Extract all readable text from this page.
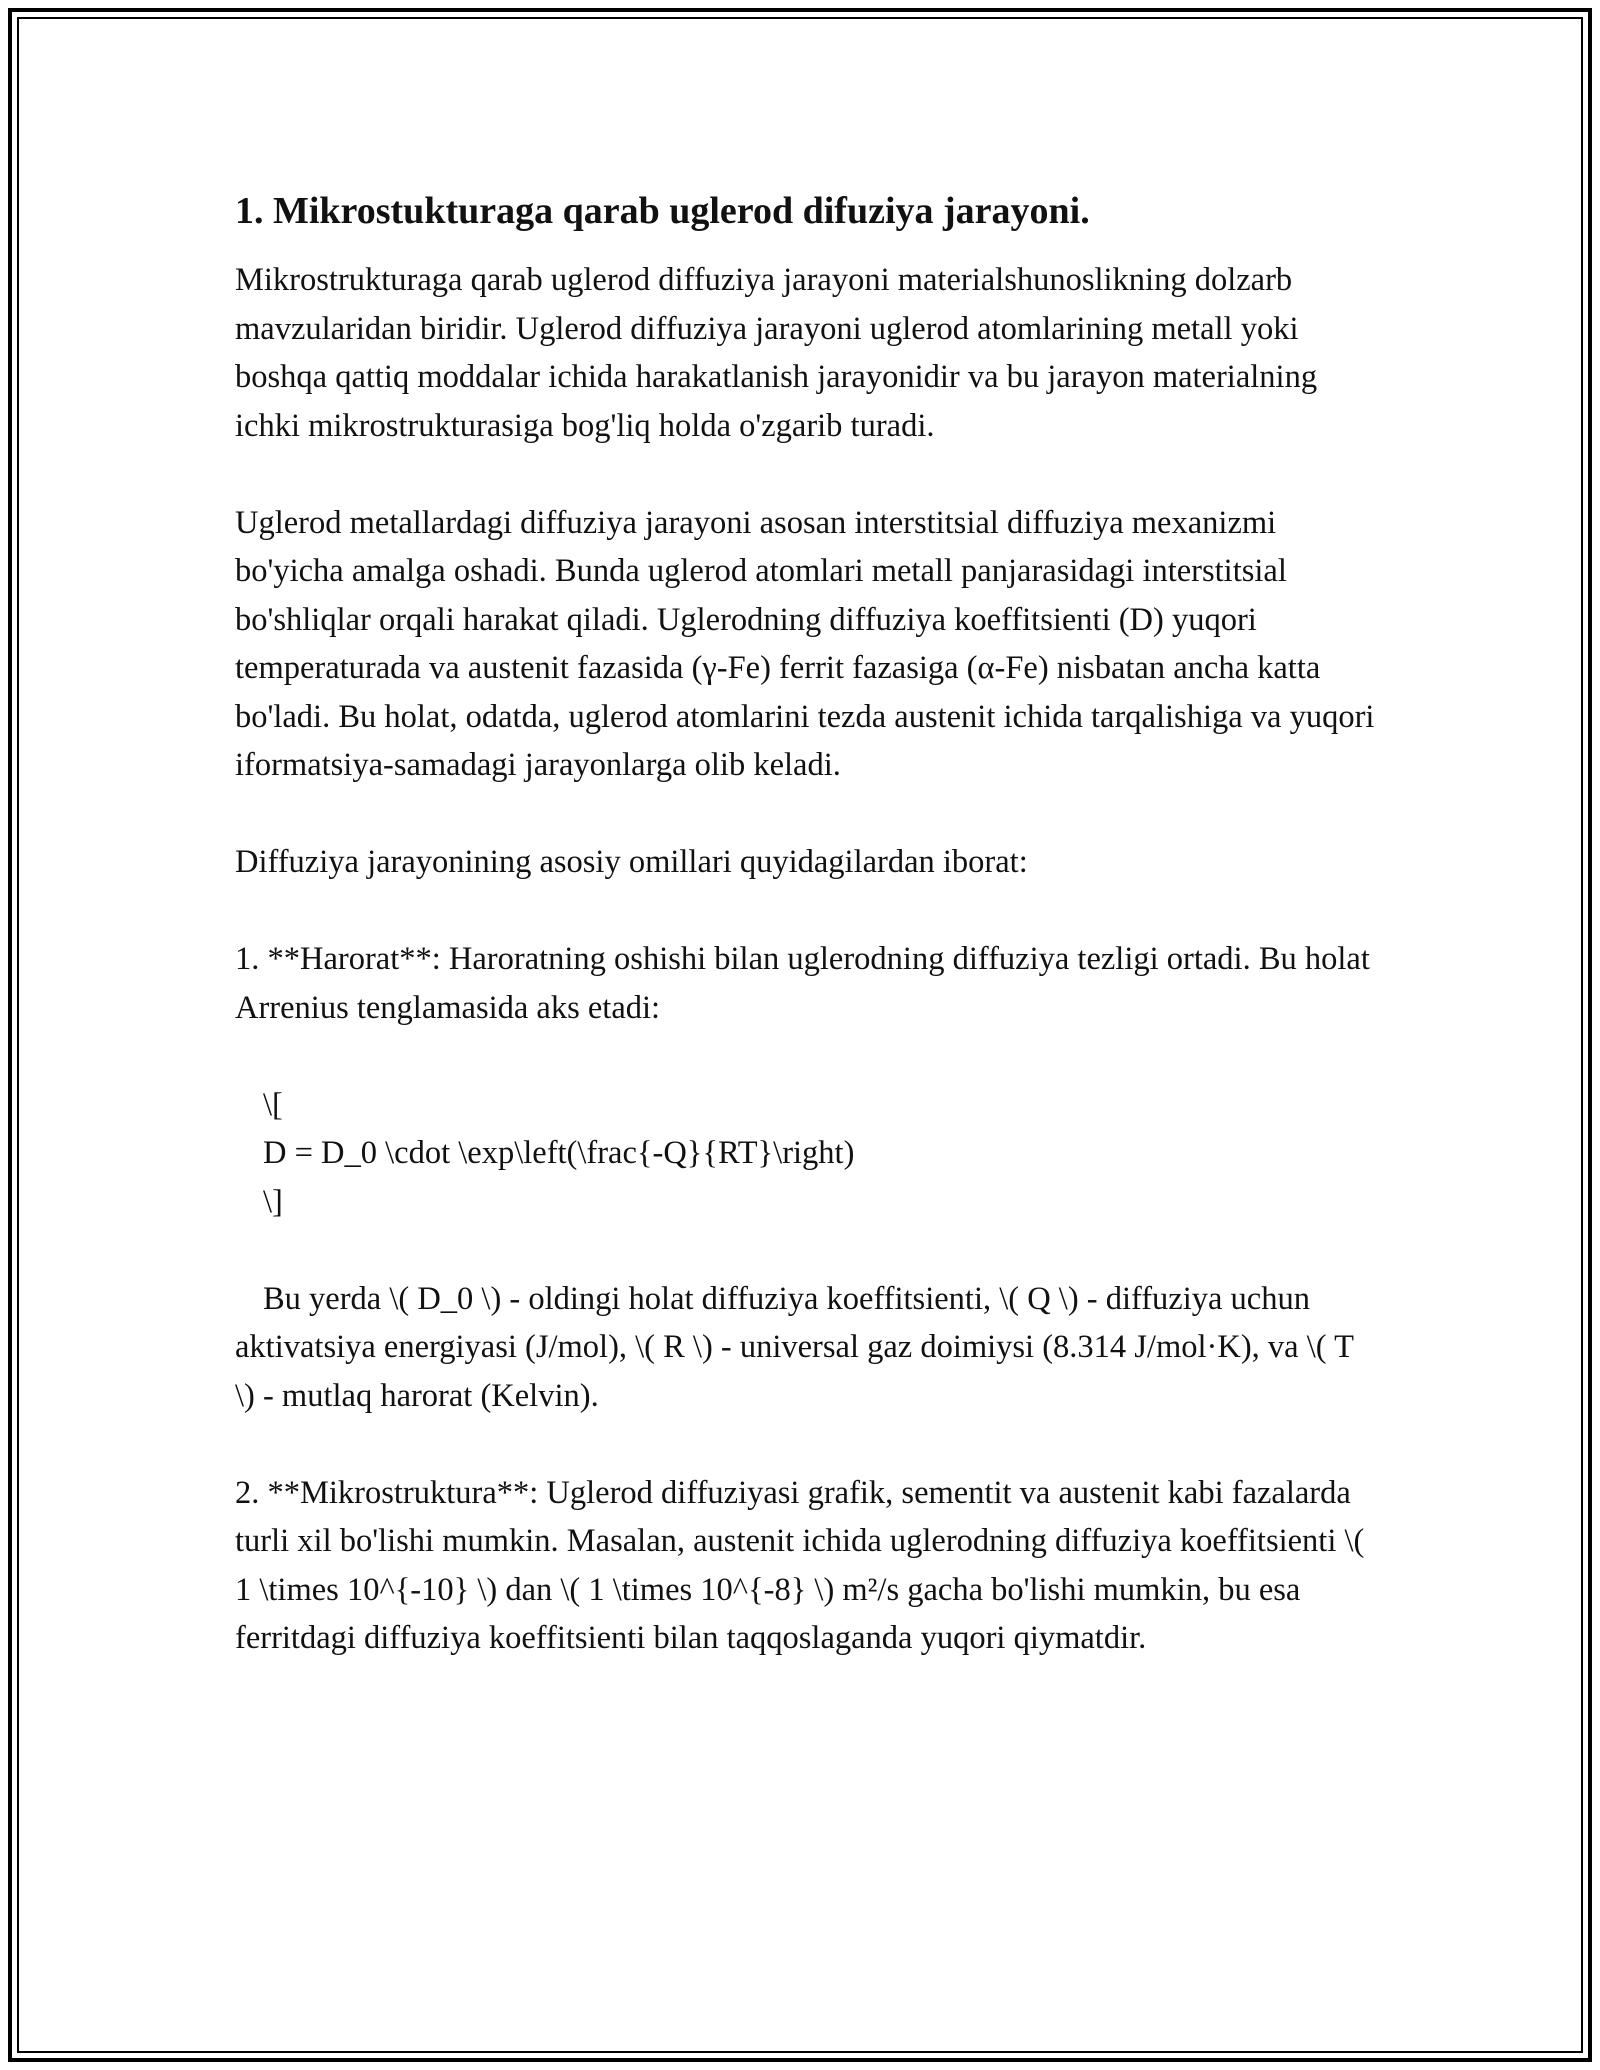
1. Mikrostukturaga qarab uglerod difuziya jarayoni.

Mikrostrukturaga qarab uglerod diffuziya jarayoni materialshunoslikning dolzarb mavzularidan biridir. Uglerod diffuziya jarayoni uglerod atomlarining metall yoki boshqa qattiq moddalar ichida harakatlanish jarayonidir va bu jarayon materialning ichki mikrostrukturasiga bog'liq holda o'zgarib turadi.

Uglerod metallardagi diffuziya jarayoni asosan interstitsial diffuziya mexanizmi bo'yicha amalga oshadi. Bunda uglerod atomlari metall panjarasidagi interstitsial bo'shliqlar orqali harakat qiladi. Uglerodning diffuziya koeffitsienti (D) yuqori temperaturada va austenit fazasida (γ-Fe) ferrit fazasiga (α-Fe) nisbatan ancha katta bo'ladi. Bu holat, odatda, uglerod atomlarini tezda austenit ichida tarqalishiga va yuqori iformatsiya-samadagi jarayonlarga olib keladi.

Diffuziya jarayonining asosiy omillari quyidagilardan iborat:

1. **Harorat**: Haroratning oshishi bilan uglerodning diffuziya tezligi ortadi. Bu holat Arrenius tenglamasida aks etadi:

\[
D = D_0 \cdot \exp\left(\frac{-Q}{RT}\right)
\]

Bu yerda \( D_0 \) - oldingi holat diffuziya koeffitsienti, \( Q \) - diffuziya uchun aktivatsiya energiyasi (J/mol), \( R \) - universal gaz doimiysi (8.314 J/mol·K), va \( T \) - mutlaq harorat (Kelvin).

2. **Mikrostruktura**: Uglerod diffuziyasi grafik, sementit va austenit kabi fazalarda turli xil bo'lishi mumkin. Masalan, austenit ichida uglerodning diffuziya koeffitsienti \( 1 \times 10^{-10} \) dan \( 1 \times 10^{-8} \) m²/s gacha bo'lishi mumkin, bu esa ferritdagi diffuziya koeffitsienti bilan taqqoslaganda yuqori qiymatdir.
